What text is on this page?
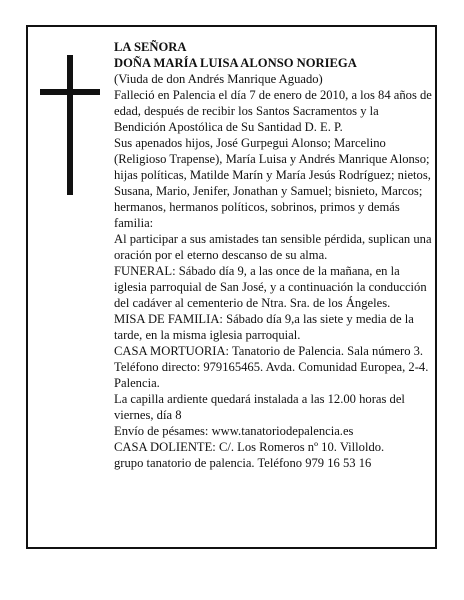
LA SEÑORA

DOÑA MARÍA LUISA ALONSO NORIEGA

(Viuda de don Andrés Manrique Aguado)

Falleció en Palencia el día 7 de enero de 2010, a los 84 años de edad, después de recibir los Santos Sacramentos y la Bendición Apostólica de Su Santidad D. E. P.

Sus apenados hijos, José Gurpegui Alonso; Marcelino (Religioso Trapense), María Luisa y Andrés Manrique Alonso; hijas políticas, Matilde Marín y María Jesús Rodríguez; nietos, Susana, Mario, Jenifer, Jonathan y Samuel; bisnieto, Marcos; hermanos, hermanos políticos, sobrinos, primos y demás familia:

Al participar a sus amistades tan sensible pérdida, suplican una oración por el eterno descanso de su alma.

FUNERAL: Sábado día 9, a las once de la mañana, en la iglesia parroquial de San José, y a continuación la conducción del cadáver al cementerio de Ntra. Sra. de los Ángeles.

MISA DE FAMILIA: Sábado día 9,a las siete y media de la tarde, en la misma iglesia parroquial.

CASA MORTUORIA: Tanatorio de Palencia. Sala número 3. Teléfono directo: 979165465. Avda. Comunidad Europea, 2-4. Palencia.

La capilla ardiente quedará instalada a las 12.00 horas del viernes, día 8

Envío de pésames: www.tanatoriodepalencia.es

CASA DOLIENTE: C/. Los Romeros nº 10. Villoldo.

grupo tanatorio de palencia. Teléfono 979 16 53 16
